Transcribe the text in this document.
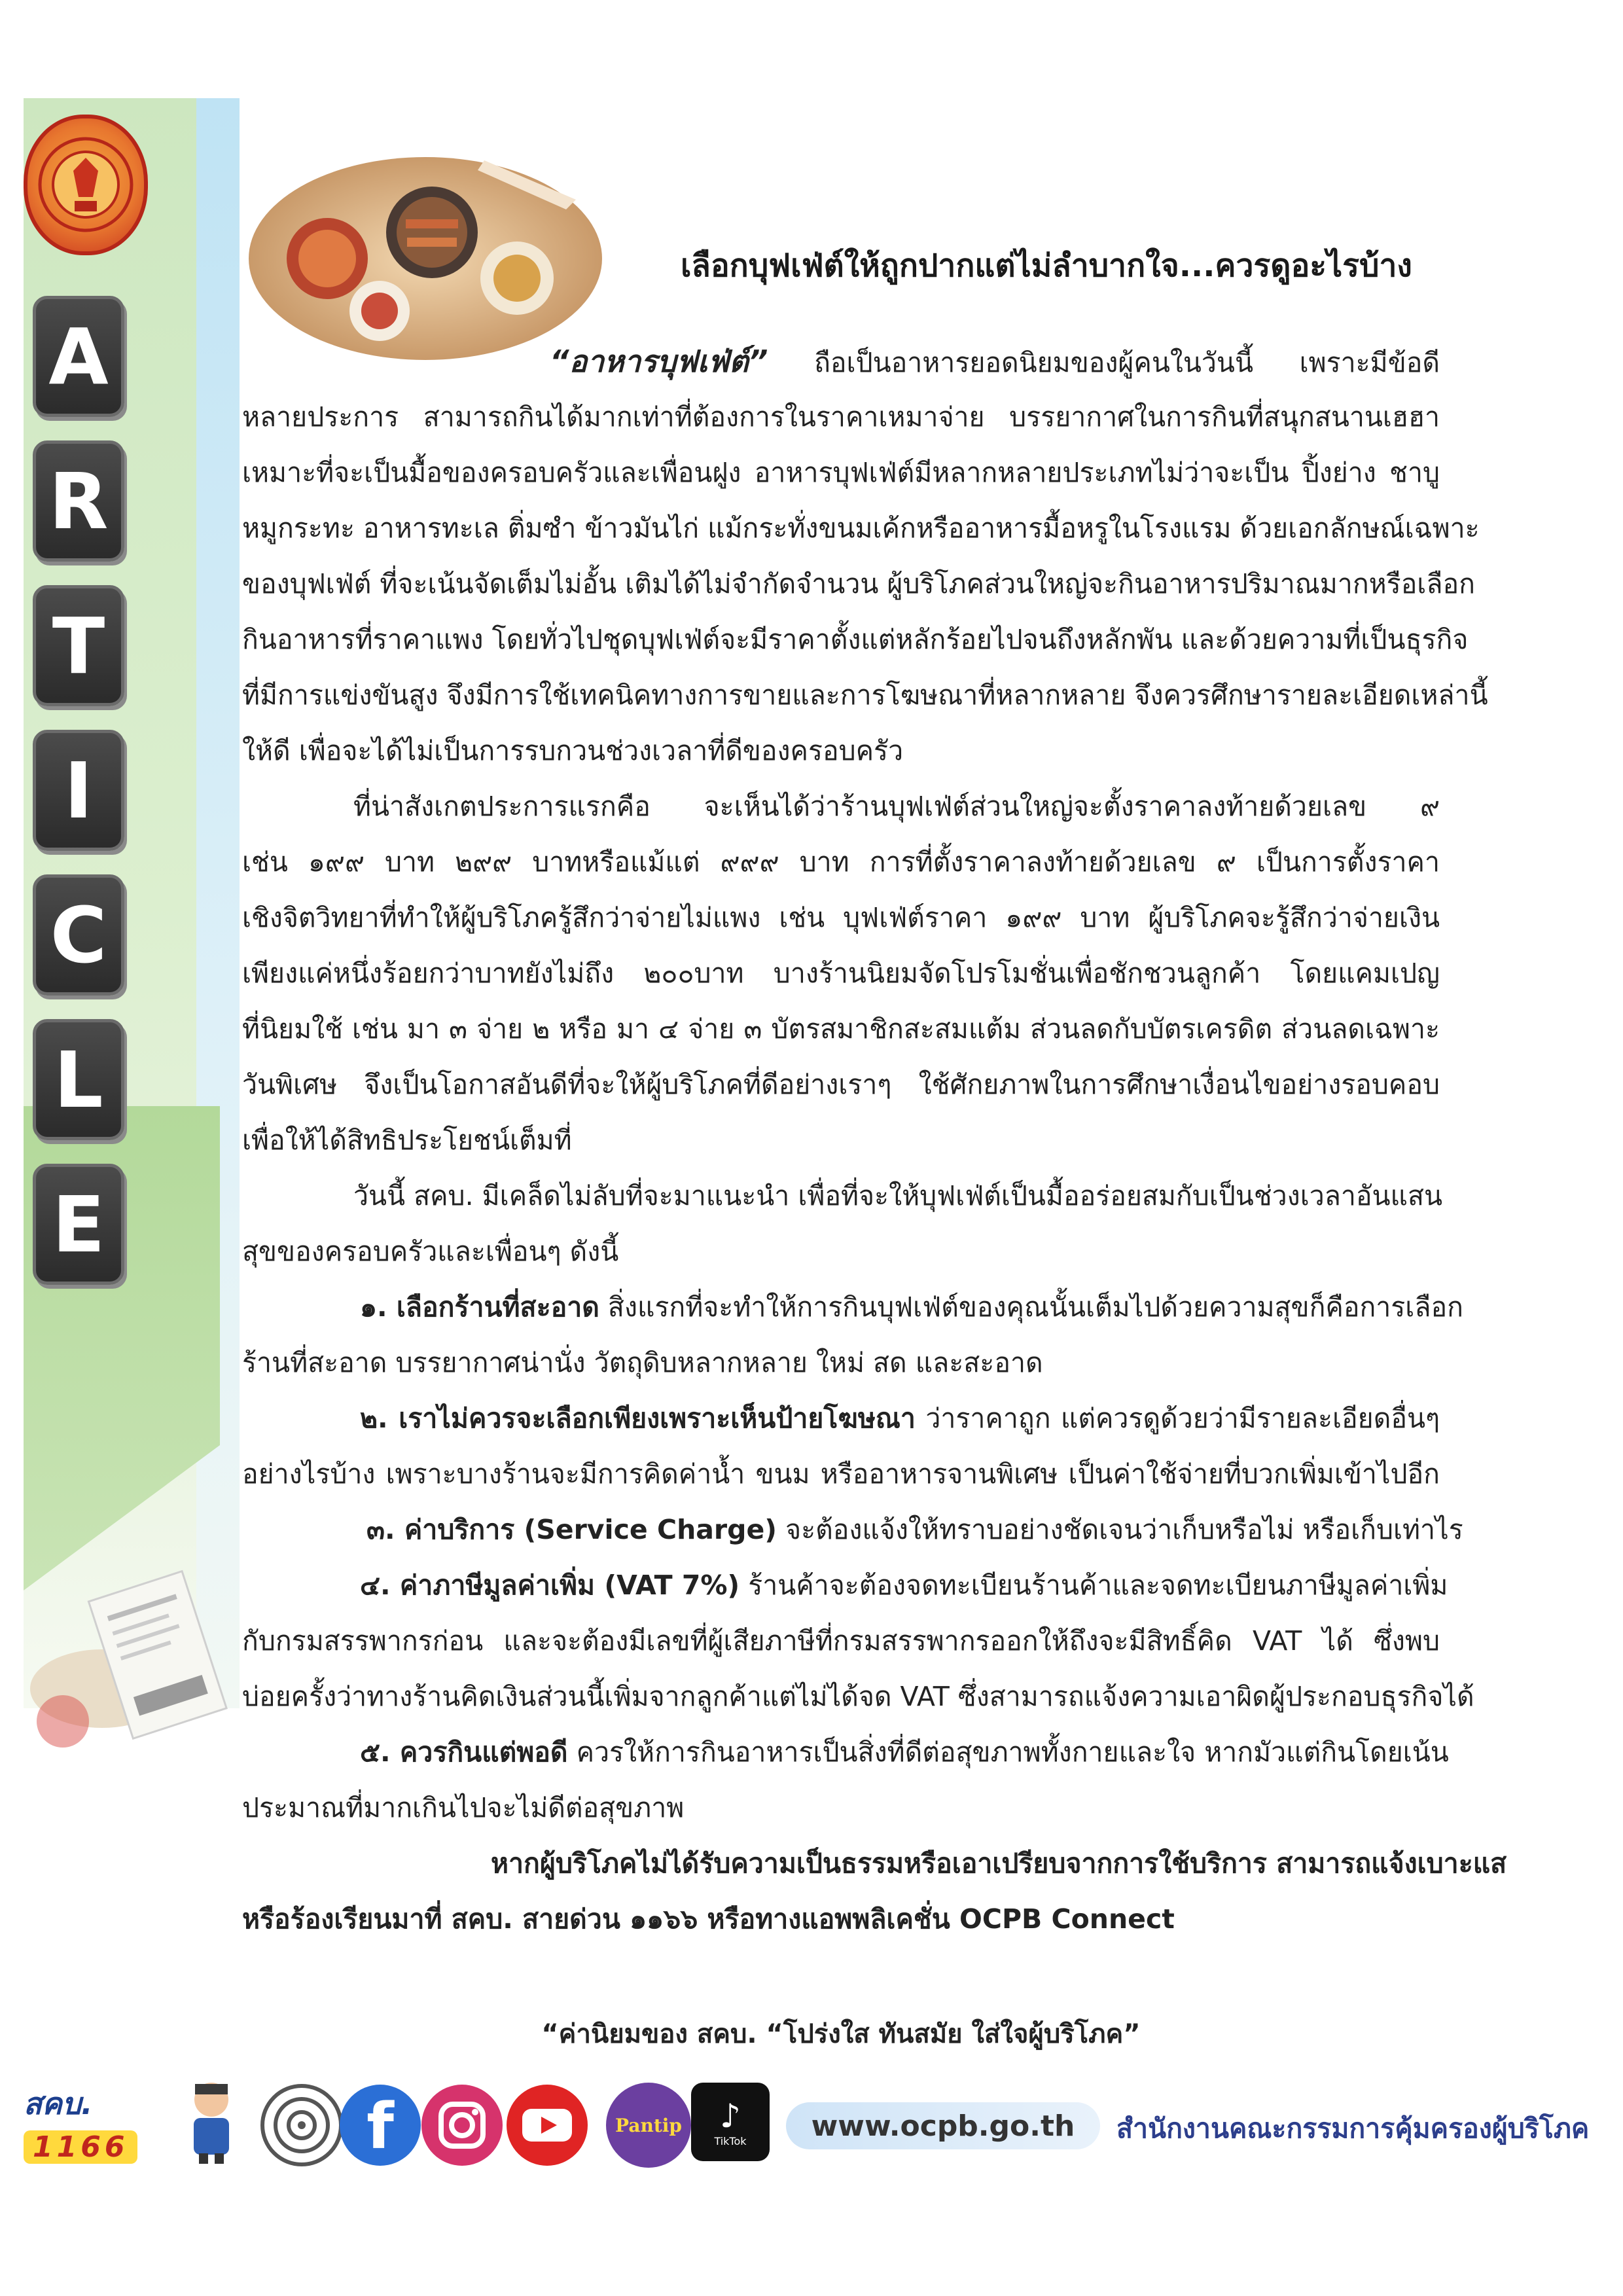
A
R
T
I
C
L
E
เลือกบุฟเฟ่ต์ให้ถูกปากแต่ไม่ลำบากใจ...ควรดูอะไรบ้าง
“อาหารบุฟเฟ่ต์” ถือเป็นอาหารยอดนิยมของผู้คนในวันนี้ เพราะมีข้อดี
หลายประการ สามารถกินได้มากเท่าที่ต้องการในราคาเหมาจ่าย บรรยากาศในการกินที่สนุกสนานเฮฮา
เหมาะที่จะเป็นมื้อของครอบครัวและเพื่อนฝูง อาหารบุฟเฟ่ต์มีหลากหลายประเภทไม่ว่าจะเป็น ปิ้งย่าง ชาบู
หมูกระทะ อาหารทะเล ติ่มซำ ข้าวมันไก่ แม้กระทั่งขนมเค้กหรืออาหารมื้อหรูในโรงแรม ด้วยเอกลักษณ์เฉพาะ
ของบุฟเฟ่ต์ ที่จะเน้นจัดเต็มไม่อั้น เติมได้ไม่จำกัดจำนวน ผู้บริโภคส่วนใหญ่จะกินอาหารปริมาณมากหรือเลือก
กินอาหารที่ราคาแพง โดยทั่วไปชุดบุฟเฟ่ต์จะมีราคาตั้งแต่หลักร้อยไปจนถึงหลักพัน และด้วยความที่เป็นธุรกิจ
ที่มีการแข่งขันสูง จึงมีการใช้เทคนิคทางการขายและการโฆษณาที่หลากหลาย จึงควรศึกษารายละเอียดเหล่านี้
ให้ดี เพื่อจะได้ไม่เป็นการรบกวนช่วงเวลาที่ดีของครอบครัว
ที่น่าสังเกตประการแรกคือ จะเห็นได้ว่าร้านบุฟเฟ่ต์ส่วนใหญ่จะตั้งราคาลงท้ายด้วยเลข ๙
เช่น ๑๙๙ บาท ๒๙๙ บาทหรือแม้แต่ ๙๙๙ บาท การที่ตั้งราคาลงท้ายด้วยเลข ๙ เป็นการตั้งราคา
เชิงจิตวิทยาที่ทำให้ผู้บริโภครู้สึกว่าจ่ายไม่แพง เช่น บุฟเฟ่ต์ราคา ๑๙๙ บาท ผู้บริโภคจะรู้สึกว่าจ่ายเงิน
เพียงแค่หนึ่งร้อยกว่าบาทยังไม่ถึง ๒๐๐บาท บางร้านนิยมจัดโปรโมชั่นเพื่อชักชวนลูกค้า โดยแคมเปญ
ที่นิยมใช้ เช่น มา ๓ จ่าย ๒ หรือ มา ๔ จ่าย ๓ บัตรสมาชิกสะสมแต้ม ส่วนลดกับบัตรเครดิต ส่วนลดเฉพาะ
วันพิเศษ จึงเป็นโอกาสอันดีที่จะให้ผู้บริโภคที่ดีอย่างเราๆ ใช้ศักยภาพในการศึกษาเงื่อนไขอย่างรอบคอบ
เพื่อให้ได้สิทธิประโยชน์เต็มที่
วันนี้ สคบ. มีเคล็ดไม่ลับที่จะมาแนะนำ เพื่อที่จะให้บุฟเฟ่ต์เป็นมื้ออร่อยสมกับเป็นช่วงเวลาอันแสน
สุขของครอบครัวและเพื่อนๆ ดังนี้
๑. เลือกร้านที่สะอาด สิ่งแรกที่จะทำให้การกินบุฟเฟ่ต์ของคุณนั้นเต็มไปด้วยความสุขก็คือการเลือก
ร้านที่สะอาด บรรยากาศน่านั่ง วัตถุดิบหลากหลาย ใหม่ สด และสะอาด
๒. เราไม่ควรจะเลือกเพียงเพราะเห็นป้ายโฆษณา ว่าราคาถูก แต่ควรดูด้วยว่ามีรายละเอียดอื่นๆ
อย่างไรบ้าง เพราะบางร้านจะมีการคิดค่าน้ำ ขนม หรืออาหารจานพิเศษ เป็นค่าใช้จ่ายที่บวกเพิ่มเข้าไปอีก
๓. ค่าบริการ (Service Charge) จะต้องแจ้งให้ทราบอย่างชัดเจนว่าเก็บหรือไม่ หรือเก็บเท่าไร
๔. ค่าภาษีมูลค่าเพิ่ม (VAT 7%) ร้านค้าจะต้องจดทะเบียนร้านค้าและจดทะเบียนภาษีมูลค่าเพิ่ม
กับกรมสรรพากรก่อน และจะต้องมีเลขที่ผู้เสียภาษีที่กรมสรรพากรออกให้ถึงจะมีสิทธิ์คิด VAT ได้ ซึ่งพบ
บ่อยครั้งว่าทางร้านคิดเงินส่วนนี้เพิ่มจากลูกค้าแต่ไม่ได้จด VAT ซึ่งสามารถแจ้งความเอาผิดผู้ประกอบธุรกิจได้
๕. ควรกินแต่พอดี ควรให้การกินอาหารเป็นสิ่งที่ดีต่อสุขภาพทั้งกายและใจ หากมัวแต่กินโดยเน้น
ประมาณที่มากเกินไปจะไม่ดีต่อสุขภาพ
หากผู้บริโภคไม่ได้รับความเป็นธรรมหรือเอาเปรียบจากการใช้บริการ สามารถแจ้งเบาะแส
หรือร้องเรียนมาที่ สคบ. สายด่วน ๑๑๖๖ หรือทางแอพพลิเคชั่น OCPB Connect
“ค่านิยมของ สคบ. “โปร่งใส ทันสมัย ใส่ใจผู้บริโภค”
สคบ.
1166	f	Pantip ♪
TikTok www.ocpb.go.th สำนักงานคณะกรรมการคุ้มครองผู้บริโภค
